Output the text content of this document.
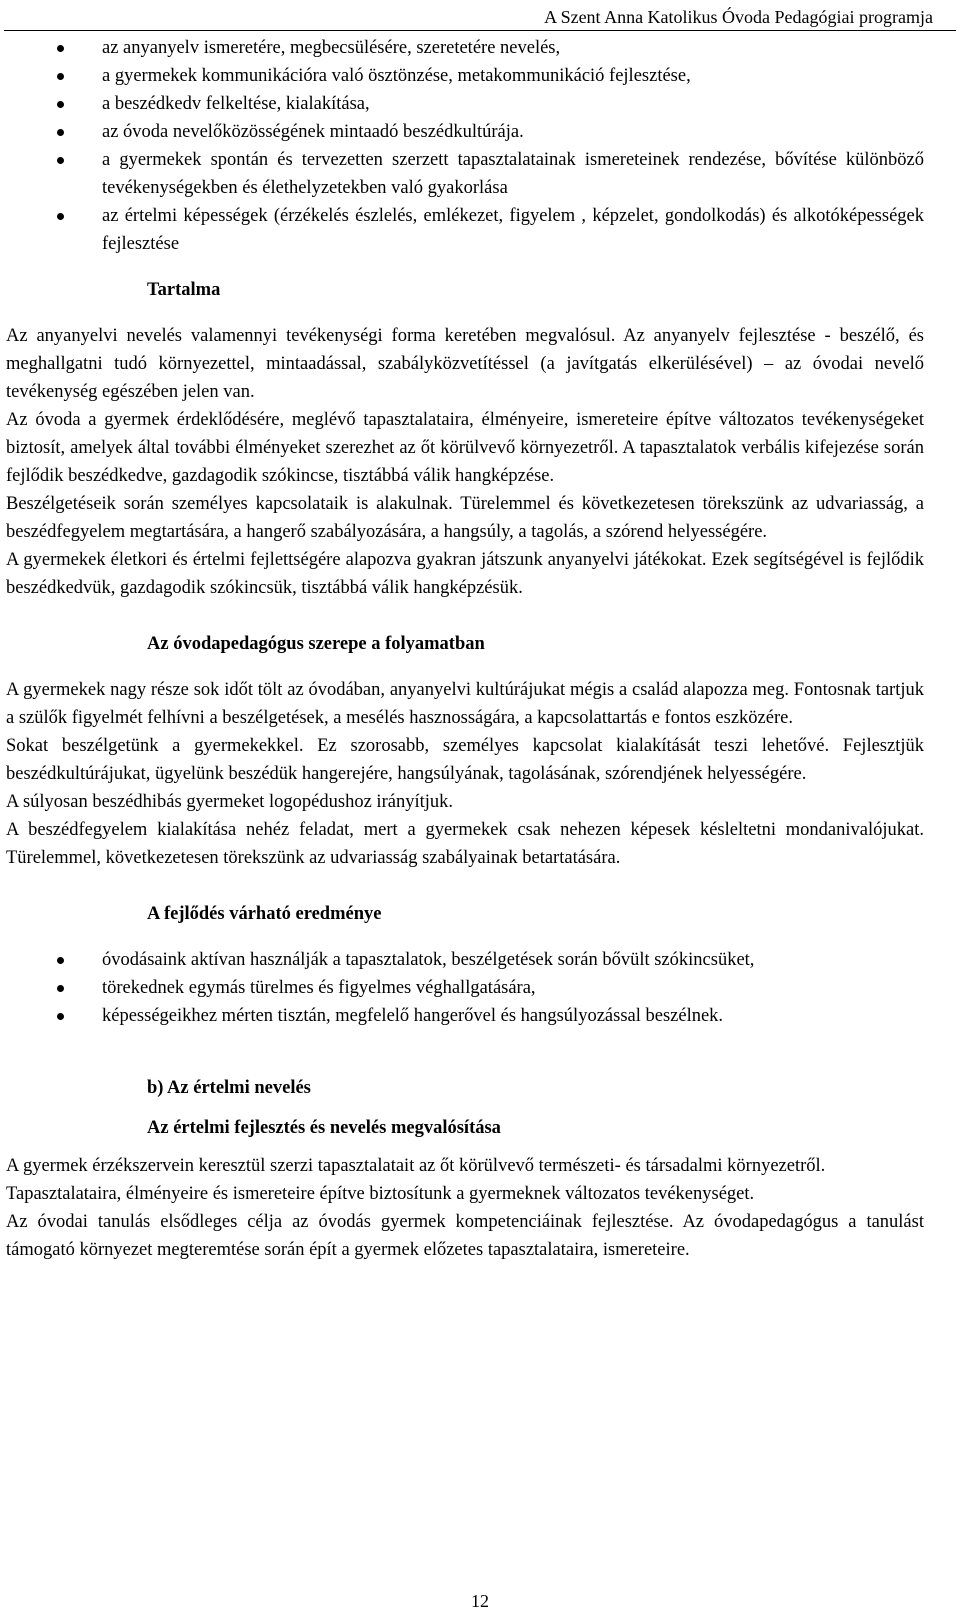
A Szent Anna Katolikus Óvoda Pedagógiai programja
az anyanyelv ismeretére, megbecsülésére, szeretetére nevelés,
a gyermekek kommunikációra való ösztönzése, metakommunikáció fejlesztése,
a beszédkedv felkeltése, kialakítása,
az óvoda nevelőközösségének mintaadó beszédkultúrája.
a gyermekek spontán és tervezetten szerzett tapasztalatainak ismereteinek rendezése, bővítése különböző tevékenységekben és élethelyzetekben való gyakorlása
az értelmi képességek (érzékelés észlelés, emlékezet, figyelem , képzelet, gondolkodás) és alkotóképességek fejlesztése

Tartalma

Az anyanyelvi nevelés valamennyi tevékenységi forma keretében megvalósul. Az anyanyelv fejlesztése - beszélő, és meghallgatni tudó környezettel, mintaadással, szabályközvetítéssel (a javítgatás elkerülésével) – az óvodai nevelő tevékenység egészében jelen van.

Az óvoda a gyermek érdeklődésére, meglévő tapasztalataira, élményeire, ismereteire építve változatos tevékenységeket biztosít, amelyek által további élményeket szerezhet az őt körülvevő környezetről. A tapasztalatok verbális kifejezése során fejlődik beszédkedve, gazdagodik szókincse, tisztábbá válik hangképzése.

Beszélgetéseik során személyes kapcsolataik is alakulnak. Türelemmel és következetesen törekszünk az udvariasság, a beszédfegyelem megtartására, a hangerő szabályozására, a hangsúly, a tagolás, a szórend helyességére.

A gyermekek életkori és értelmi fejlettségére alapozva gyakran játszunk anyanyelvi játékokat. Ezek segítségével is fejlődik beszédkedvük, gazdagodik szókincsük, tisztábbá válik hangképzésük.

Az óvodapedagógus szerepe a folyamatban

A gyermekek nagy része sok időt tölt az óvodában, anyanyelvi kultúrájukat mégis a család alapozza meg. Fontosnak tartjuk a szülők figyelmét felhívni a beszélgetések, a mesélés hasznosságára, a kapcsolattartás e fontos eszközére.

Sokat beszélgetünk a gyermekekkel. Ez szorosabb, személyes kapcsolat kialakítását teszi lehetővé. Fejlesztjük beszédkultúrájukat, ügyelünk beszédük hangerejére, hangsúlyának, tagolásának, szórendjének helyességére.

A súlyosan beszédhibás gyermeket logopédushoz irányítjuk.

A beszédfegyelem kialakítása nehéz feladat, mert a gyermekek csak nehezen képesek késleltetni mondanivalójukat. Türelemmel, következetesen törekszünk az udvariasság szabályainak betartatására.

A fejlődés várható eredménye

óvodásaink aktívan használják a tapasztalatok, beszélgetések során bővült szókincsüket,
törekednek egymás türelmes és figyelmes véghallgatására,
képességeikhez mérten tisztán, megfelelő hangerővel és hangsúlyozással beszélnek.

b) Az értelmi nevelés

Az értelmi fejlesztés és nevelés megvalósítása

A gyermek érzékszervein keresztül szerzi tapasztalatait az őt körülvevő természeti- és társadalmi környezetről.

Tapasztalataira, élményeire és ismereteire építve biztosítunk a gyermeknek változatos tevékenységet.

Az óvodai tanulás elsődleges célja az óvodás gyermek kompetenciáinak fejlesztése. Az óvodapedagógus a tanulást támogató környezet megteremtése során épít a gyermek előzetes tapasztalataira, ismereteire.

12
